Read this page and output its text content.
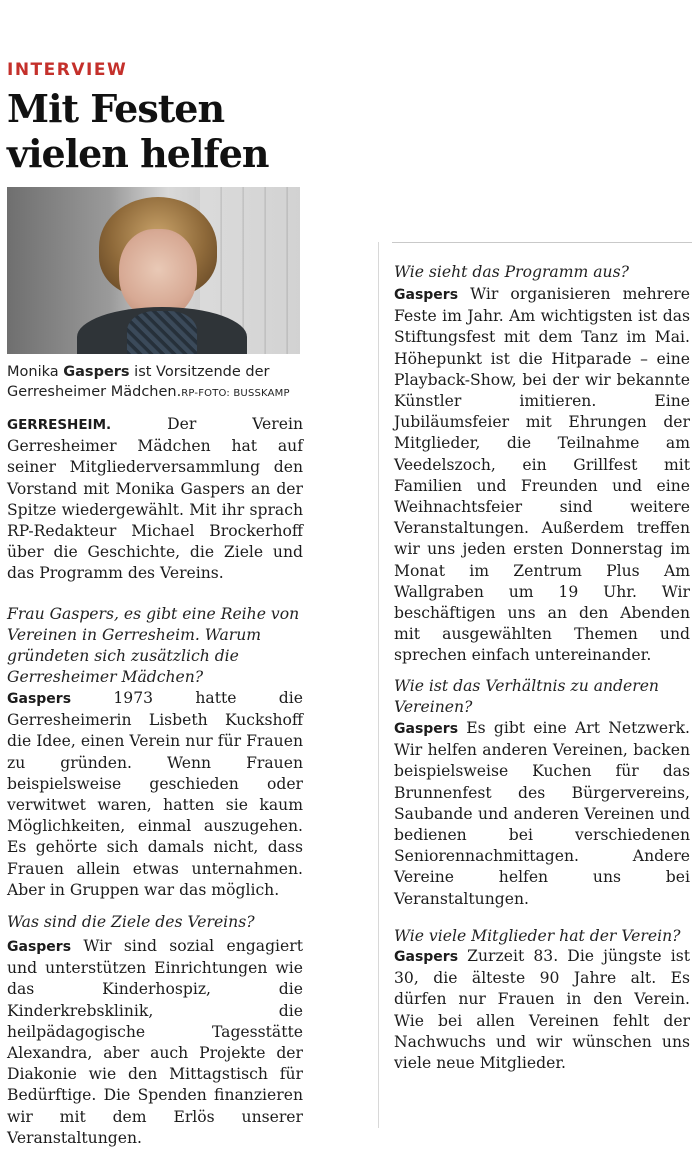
INTERVIEW
Mit Festen
vielen helfen
Monika Gaspers ist Vorsitzende der Gerresheimer Mädchen.RP-FOTO: BUSSKAMP
GERRESHEIM. Der Verein Gerresheimer Mädchen hat auf seiner Mitgliederversammlung den Vorstand mit Monika Gaspers an der Spitze wiedergewählt. Mit ihr sprach RP-Redakteur Michael Brockerhoff über die Geschichte, die Ziele und das Programm des Vereins.
Frau Gaspers, es gibt eine Reihe von Vereinen in Gerresheim. Warum gründeten sich zusätzlich die Gerresheimer Mädchen?
Gaspers 1973 hatte die Gerresheimerin Lisbeth Kuckshoff die Idee, einen Verein nur für Frauen zu gründen. Wenn Frauen beispielsweise geschieden oder verwitwet waren, hatten sie kaum Möglichkeiten, einmal auszugehen. Es gehörte sich damals nicht, dass Frauen allein etwas unternahmen. Aber in Gruppen war das möglich.
Was sind die Ziele des Vereins?
Gaspers Wir sind sozial engagiert und unterstützen Einrichtungen wie das Kinderhospiz, die Kinderkrebsklinik, die heilpädagogische Tagesstätte Alexandra, aber auch Projekte der Diakonie wie den Mittagstisch für Bedürftige. Die Spenden finanzieren wir mit dem Erlös unserer Veranstaltungen.
Wie sieht das Programm aus?
Gaspers Wir organisieren mehrere Feste im Jahr. Am wichtigsten ist das Stiftungsfest mit dem Tanz im Mai. Höhepunkt ist die Hitparade – eine Playback-Show, bei der wir bekannte Künstler imitieren. Eine Jubiläumsfeier mit Ehrungen der Mitglieder, die Teilnahme am Veedelszoch, ein Grillfest mit Familien und Freunden und eine Weihnachtsfeier sind weitere Veranstaltungen. Außerdem treffen wir uns jeden ersten Donnerstag im Monat im Zentrum Plus Am Wallgraben um 19 Uhr. Wir beschäftigen uns an den Abenden mit ausgewählten Themen und sprechen einfach untereinander.
Wie ist das Verhältnis zu anderen Vereinen?
Gaspers Es gibt eine Art Netzwerk. Wir helfen anderen Vereinen, backen beispielsweise Kuchen für das Brunnenfest des Bürgervereins, Saubande und anderen Vereinen und bedienen bei verschiedenen Seniorennachmittagen. Andere Vereine helfen uns bei Veranstaltungen.
Wie viele Mitglieder hat der Verein?
Gaspers Zurzeit 83. Die jüngste ist 30, die älteste 90 Jahre alt. Es dürfen nur Frauen in den Verein. Wie bei allen Vereinen fehlt der Nachwuchs und wir wünschen uns viele neue Mitglieder.
